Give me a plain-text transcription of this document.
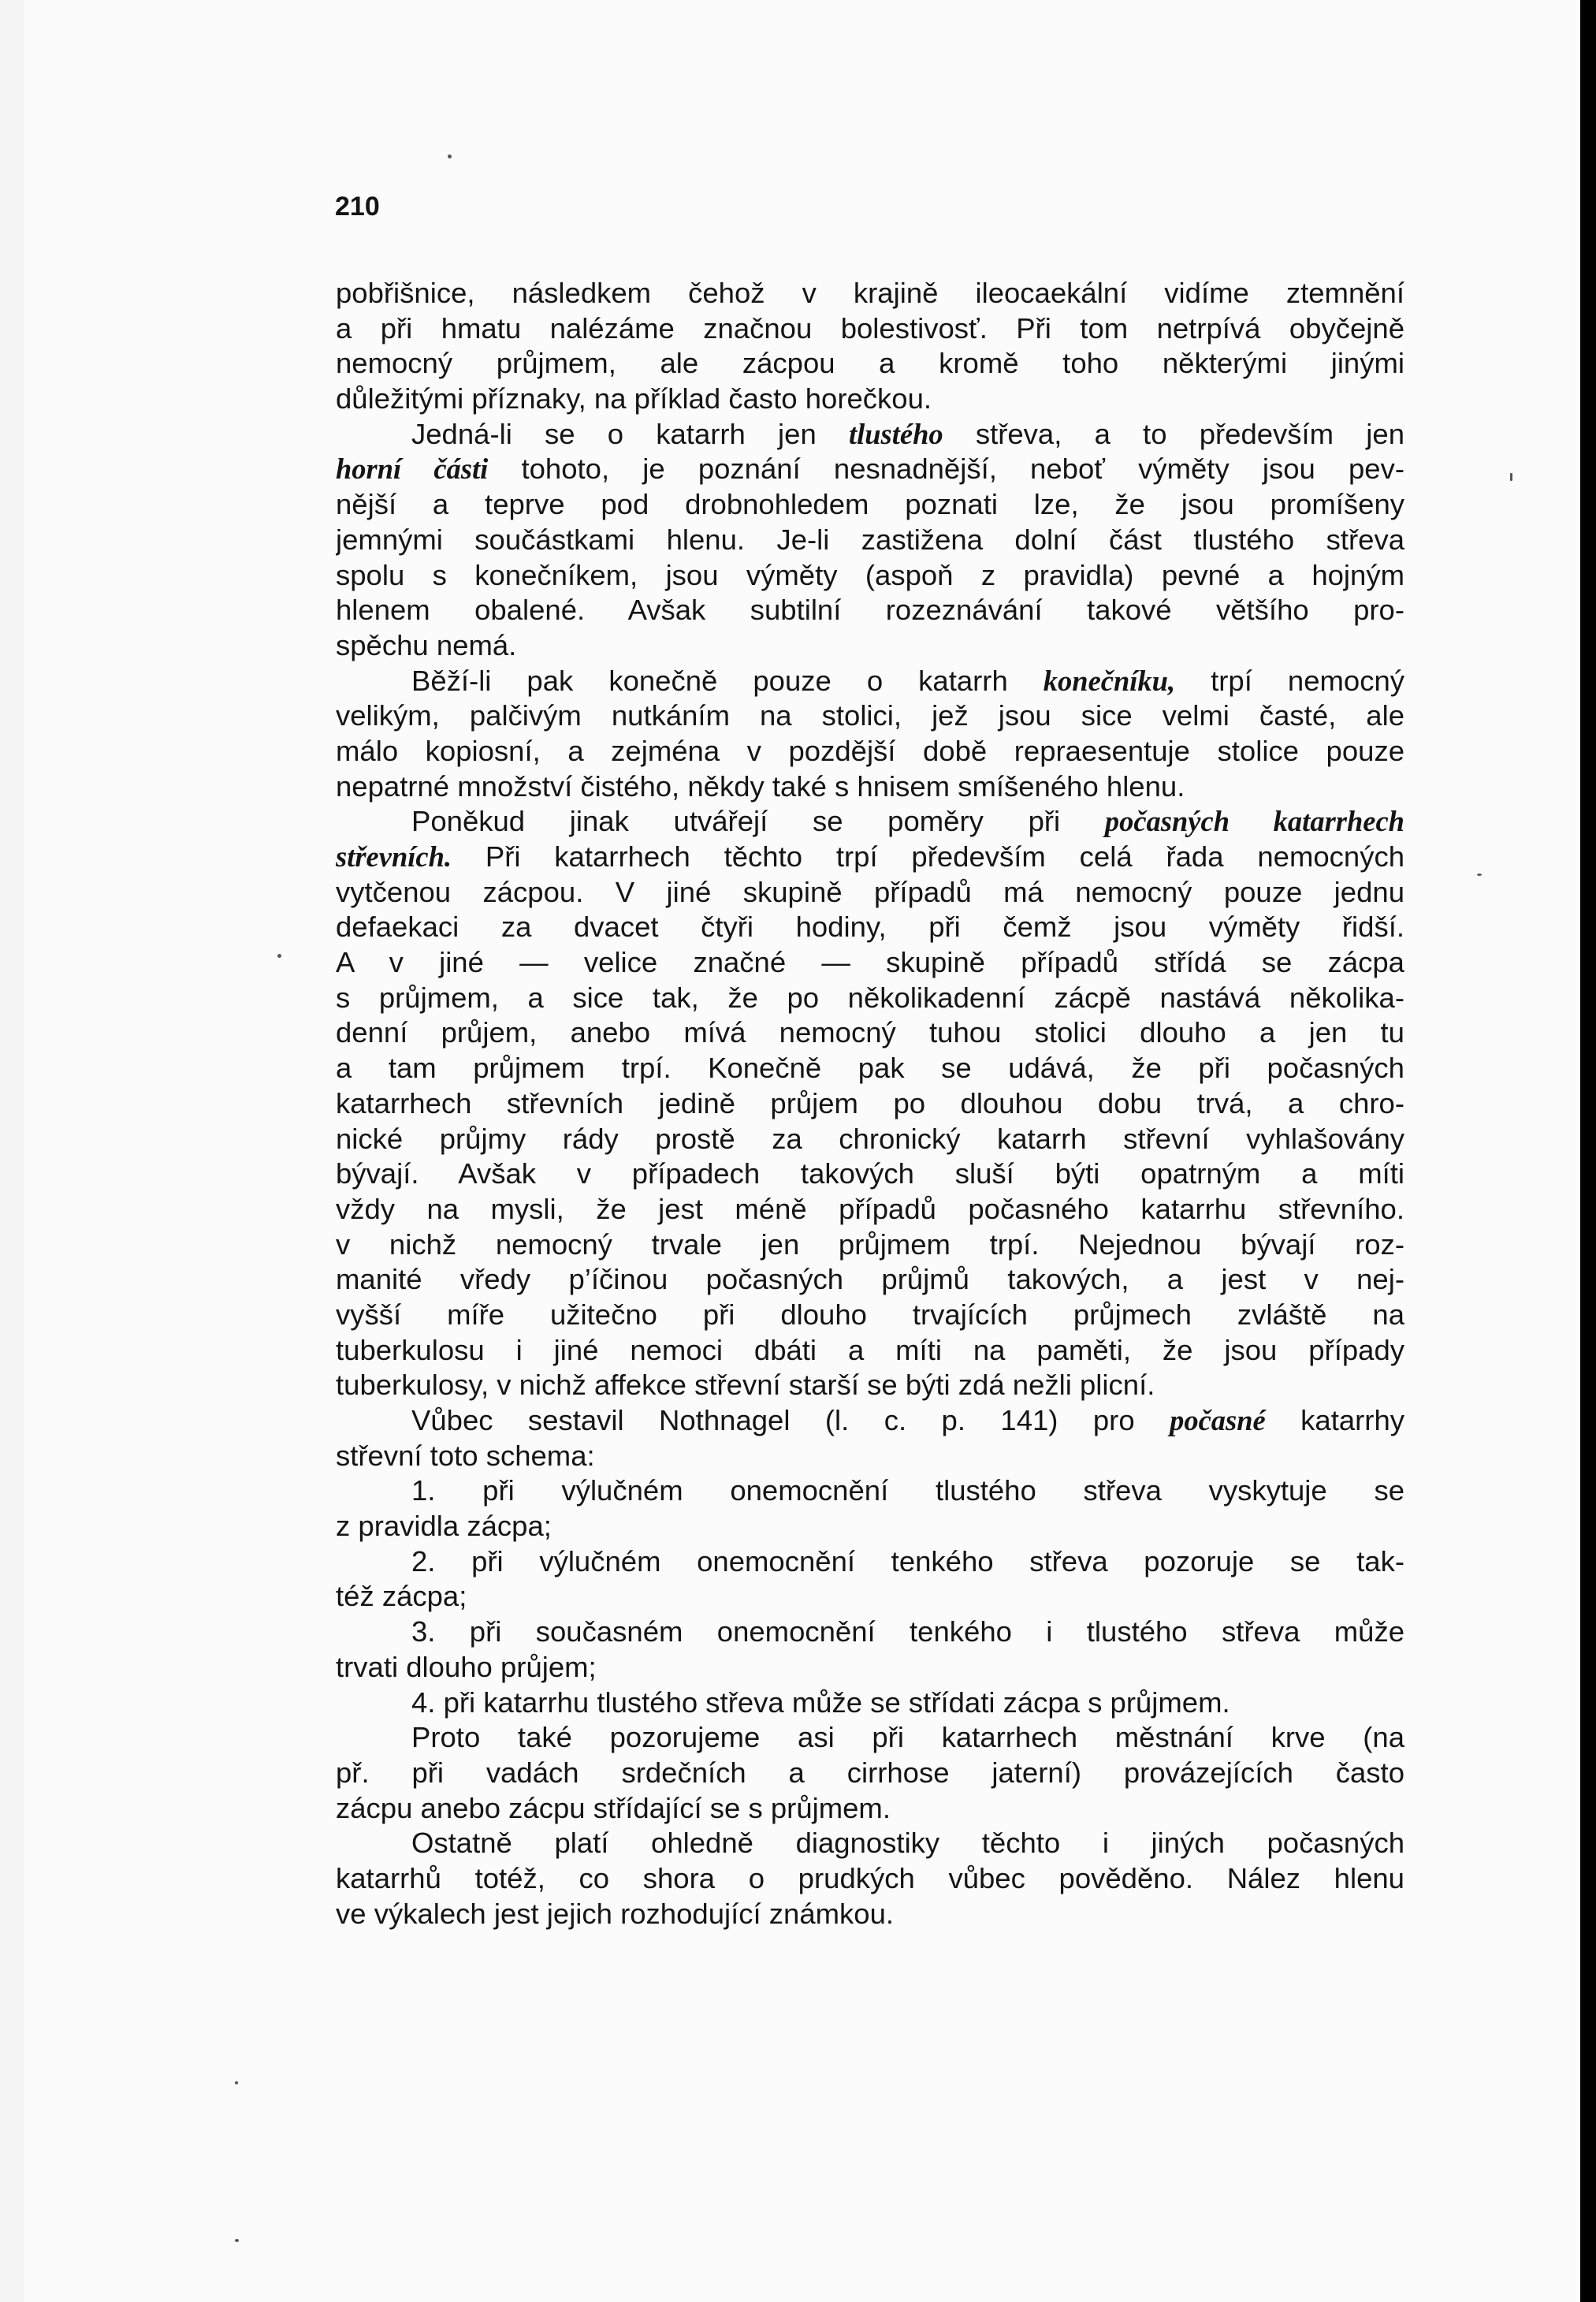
210
pobřišnice, následkem čehož v krajině ileocaekální vidíme ztemnění
a při hmatu nalézáme značnou bolestivosť. Při tom netrpívá obyčejně
nemocný průjmem, ale zácpou a kromě toho některými jinými
důležitými příznaky, na příklad často horečkou.
Jedná-li se o katarrh jen tlustého střeva, a to především jen
horní části tohoto, je poznání nesnadnější, neboť výměty jsou pev-
nější a teprve pod drobnohledem poznati lze, že jsou promíšeny
jemnými součástkami hlenu. Je-li zastižena dolní část tlustého střeva
spolu s konečníkem, jsou výměty (aspoň z pravidla) pevné a hojným
hlenem obalené. Avšak subtilní rozeznávání takové většího pro-
spěchu nemá.
Běží-li pak konečně pouze o katarrh konečníku, trpí nemocný
velikým, palčivým nutkáním na stolici, jež jsou sice velmi časté, ale
málo kopiosní, a zejména v pozdější době repraesentuje stolice pouze
nepatrné množství čistého, někdy také s hnisem smíšeného hlenu.
Poněkud jinak utvářejí se poměry při počasných katarrhech
střevních. Při katarrhech těchto trpí především celá řada nemocných
vytčenou zácpou. V jiné skupině případů má nemocný pouze jednu
defaekaci za dvacet čtyři hodiny, při čemž jsou výměty řidší.
A v jiné — velice značné — skupině případů střídá se zácpa
s průjmem, a sice tak, že po několikadenní zácpě nastává několika-
denní průjem, anebo mívá nemocný tuhou stolici dlouho a jen tu
a tam průjmem trpí. Konečně pak se udává, že při počasných
katarrhech střevních jedině průjem po dlouhou dobu trvá, a chro-
nické průjmy rády prostě za chronický katarrh střevní vyhlašovány
bývají. Avšak v případech takových sluší býti opatrným a míti
vždy na mysli, že jest méně případů počasného katarrhu střevního.
v nichž nemocný trvale jen průjmem trpí. Nejednou bývají roz-
manité vředy p’íčinou počasných průjmů takových, a jest v nej-
vyšší míře užitečno při dlouho trvajících průjmech zvláště na
tuberkulosu i jiné nemoci dbáti a míti na paměti, že jsou případy
tuberkulosy, v nichž affekce střevní starší se býti zdá nežli plicní.
Vůbec sestavil Nothnagel (l. c. p. 141) pro počasné katarrhy
střevní toto schema:
1. při výlučném onemocnění tlustého střeva vyskytuje se
z pravidla zácpa;
2. při výlučném onemocnění tenkého střeva pozoruje se tak-
též zácpa;
3. při současném onemocnění tenkého i tlustého střeva může
trvati dlouho průjem;
4. při katarrhu tlustého střeva může se střídati zácpa s průjmem.
Proto také pozorujeme asi při katarrhech městnání krve (na
př. při vadách srdečních a cirrhose jaterní) provázejících často
zácpu anebo zácpu střídající se s průjmem.
Ostatně platí ohledně diagnostiky těchto i jiných počasných
katarrhů totéž, co shora o prudkých vůbec pověděno. Nález hlenu
ve výkalech jest jejich rozhodující známkou.
